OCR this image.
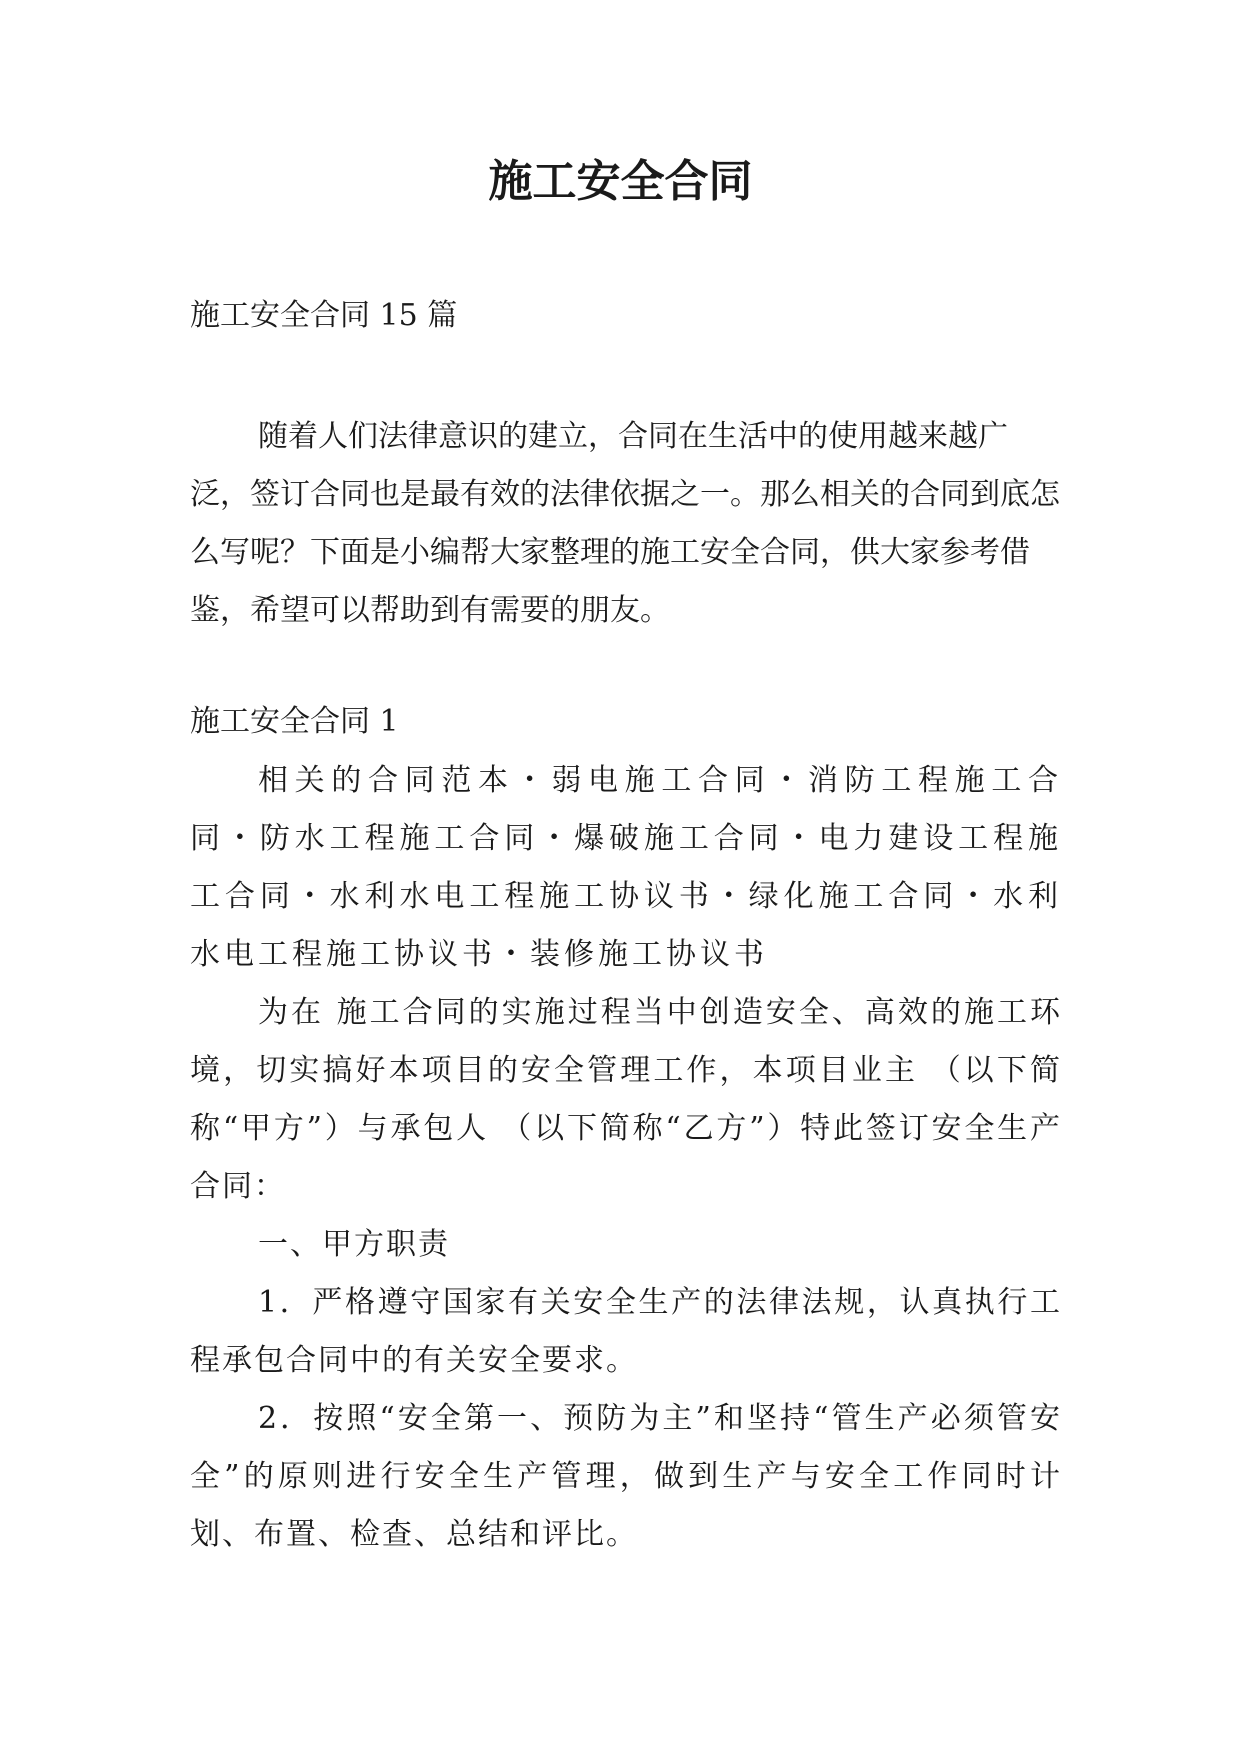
施工安全合同

施工安全合同 15 篇

随着人们法律意识的建立，合同在生活中的使用越来越广泛，签订合同也是最有效的法律依据之一。那么相关的合同到底怎么写呢？下面是小编帮大家整理的施工安全合同，供大家参考借鉴，希望可以帮助到有需要的朋友。

施工安全合同 1

相关的合同范本・弱电施工合同・消防工程施工合同・防水工程施工合同・爆破施工合同・电力建设工程施工合同・水利水电工程施工协议书・绿化施工合同・水利水电工程施工协议书・装修施工协议书

为在 施工合同的实施过程当中创造安全、高效的施工环境，切实搞好本项目的安全管理工作，本项目业主 （以下简称“甲方”）与承包人 （以下简称“乙方”）特此签订安全生产合同：

一、甲方职责

1．严格遵守国家有关安全生产的法律法规，认真执行工程承包合同中的有关安全要求。

2．按照“安全第一、预防为主”和坚持“管生产必须管安全”的原则进行安全生产管理，做到生产与安全工作同时计划、布置、检查、总结和评比。
